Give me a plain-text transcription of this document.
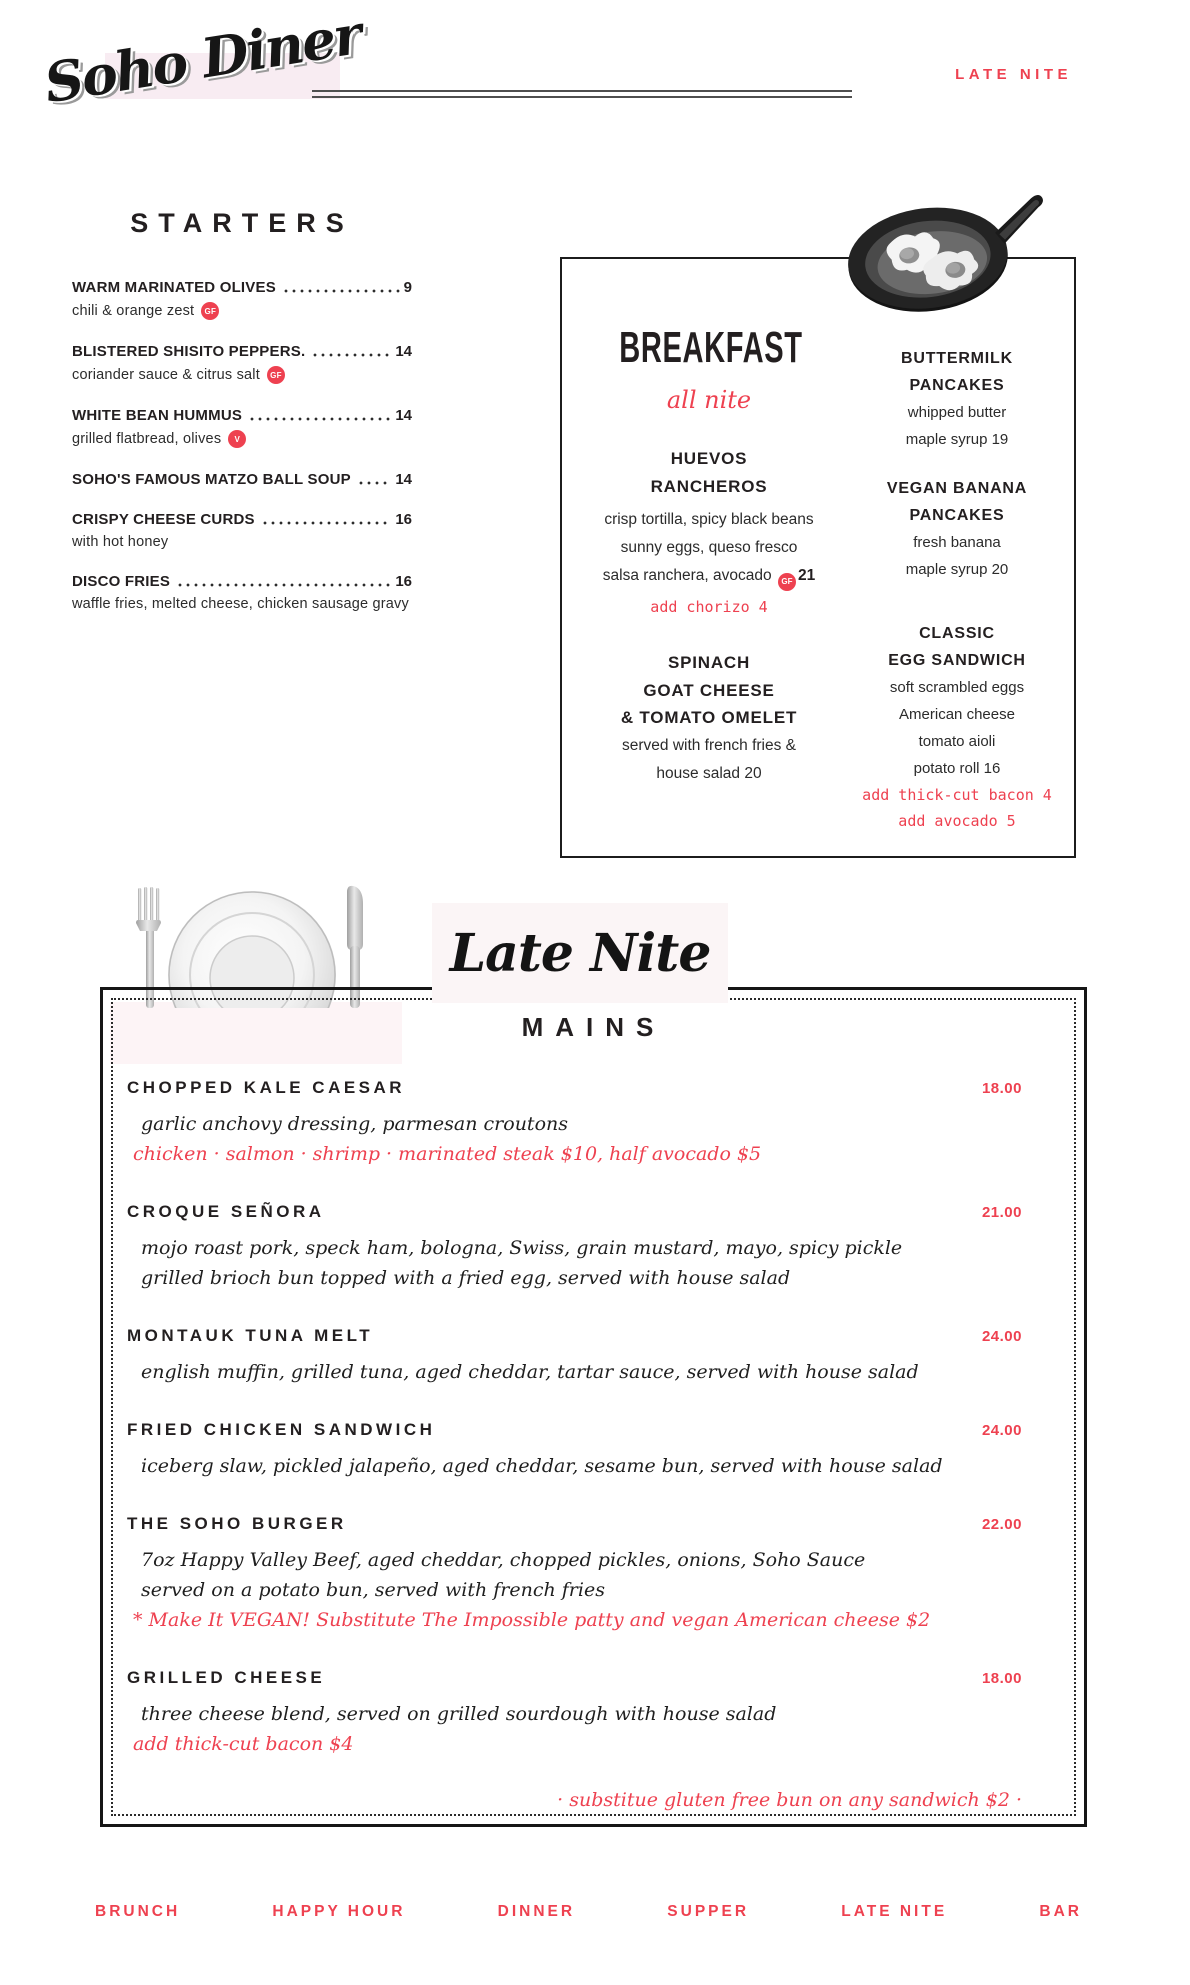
Soho Diner	LATE NITE
STARTERS
WARM MARINATED OLIVES	9
chili & orange zest	GF
BLISTERED SHISITO PEPPERS.	14
coriander sauce & citrus salt	GF
WHITE BEAN HUMMUS	14
grilled flatbread, olives	V
SOHO'S FAMOUS MATZO BALL SOUP	14
CRISPY CHEESE CURDS	16
with hot honey
DISCO FRIES	16
waffle fries, melted cheese, chicken sausage gravy
BREAKFAST
all nite
HUEVOS
RANCHEROS
crisp tortilla, spicy black beans
sunny eggs, queso fresco
salsa ranchera, avocado GF 21
add chorizo 4
SPINACH
GOAT CHEESE
& TOMATO OMELET
served with french fries &
house salad 20
BUTTERMILK
PANCAKES
whipped butter
maple syrup 19
VEGAN BANANA
PANCAKES
fresh banana
maple syrup 20
CLASSIC
EGG SANDWICH
soft scrambled eggs
American cheese
tomato aioli
potato roll 16
add thick-cut bacon 4
add avocado 5
Late Nite
MAINS
CHOPPED KALE CAESAR	18.00
garlic anchovy dressing, parmesan croutons
chicken · salmon · shrimp · marinated steak $10, half avocado $5
CROQUE SEÑORA	21.00
mojo roast pork, speck ham, bologna, Swiss, grain mustard, mayo, spicy pickle
grilled brioch bun topped with a fried egg, served with house salad
MONTAUK TUNA MELT	24.00
english muffin, grilled tuna, aged cheddar, tartar sauce, served with house salad
FRIED CHICKEN SANDWICH	24.00
iceberg slaw, pickled jalapeño, aged cheddar, sesame bun, served with house salad
THE SOHO BURGER	22.00
7oz Happy Valley Beef, aged cheddar, chopped pickles, onions, Soho Sauce
served on a potato bun, served with french fries
* Make It VEGAN! Substitute The Impossible patty and vegan American cheese $2
GRILLED CHEESE	18.00
three cheese blend, served on grilled sourdough with house salad
add thick-cut bacon $4
· substitue gluten free bun on any sandwich $2 ·
BRUNCH	HAPPY HOUR	DINNER	SUPPER	LATE NITE	BAR
